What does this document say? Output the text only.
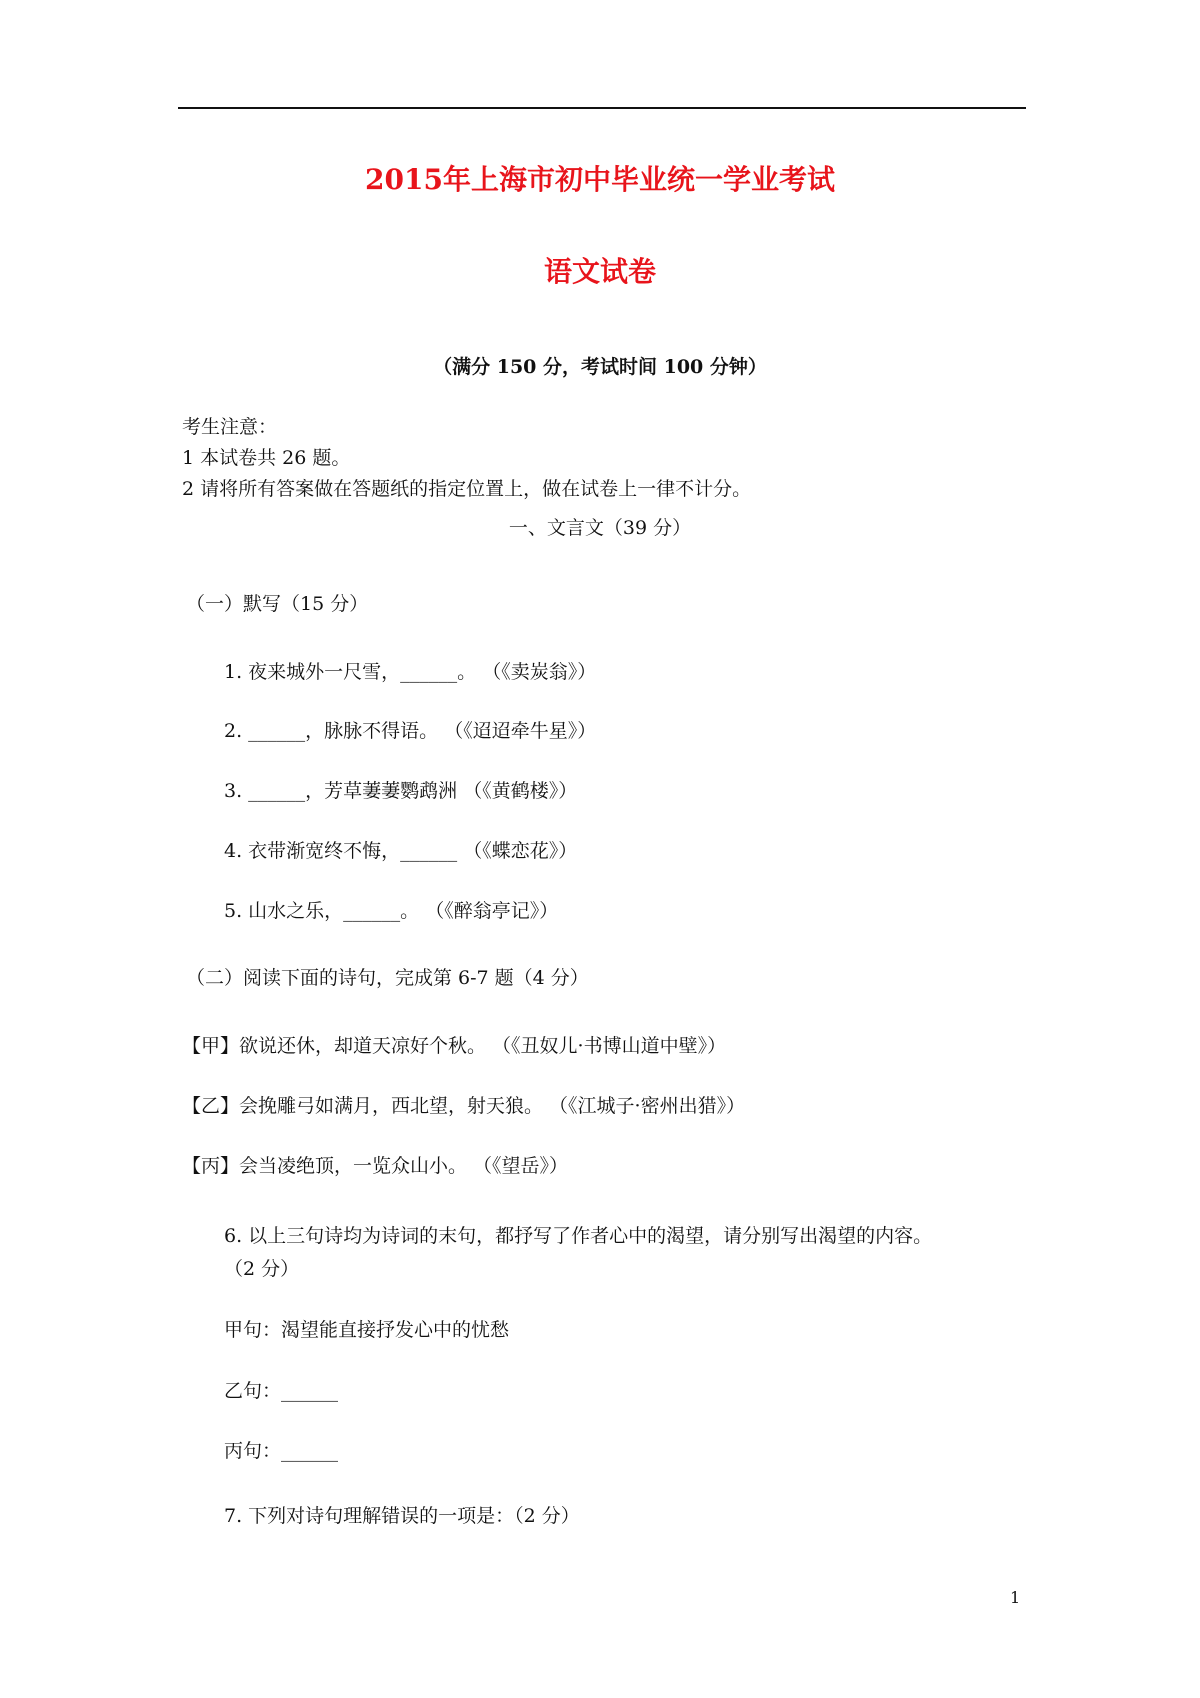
2015年上海市初中毕业统一学业考试
语文试卷
（满分 150 分，考试时间 100 分钟）
考生注意：
1 本试卷共 26 题。
2 请将所有答案做在答题纸的指定位置上，做在试卷上一律不计分。
一、文言文（39 分）
（一）默写（15 分）
1. 夜来城外一尺雪，______。 （《卖炭翁》）
2. ______，脉脉不得语。 （《迢迢牵牛星》）
3. ______，芳草萋萋鹦鹉洲 （《黄鹤楼》）
4. 衣带渐宽终不悔，______ （《蝶恋花》）
5. 山水之乐，______。 （《醉翁亭记》）
（二）阅读下面的诗句，完成第 6-7 题（4 分）
【甲】欲说还休，却道天凉好个秋。 （《丑奴儿·书博山道中壁》）
【乙】会挽雕弓如满月，西北望，射天狼。 （《江城子·密州出猎》）
【丙】会当凌绝顶，一览众山小。 （《望岳》）
6. 以上三句诗均为诗词的末句，都抒写了作者心中的渴望，请分别写出渴望的内容。
（2 分）
甲句：渴望能直接抒发心中的忧愁
乙句：______
丙句：______
7. 下列对诗句理解错误的一项是：（2 分）
1
